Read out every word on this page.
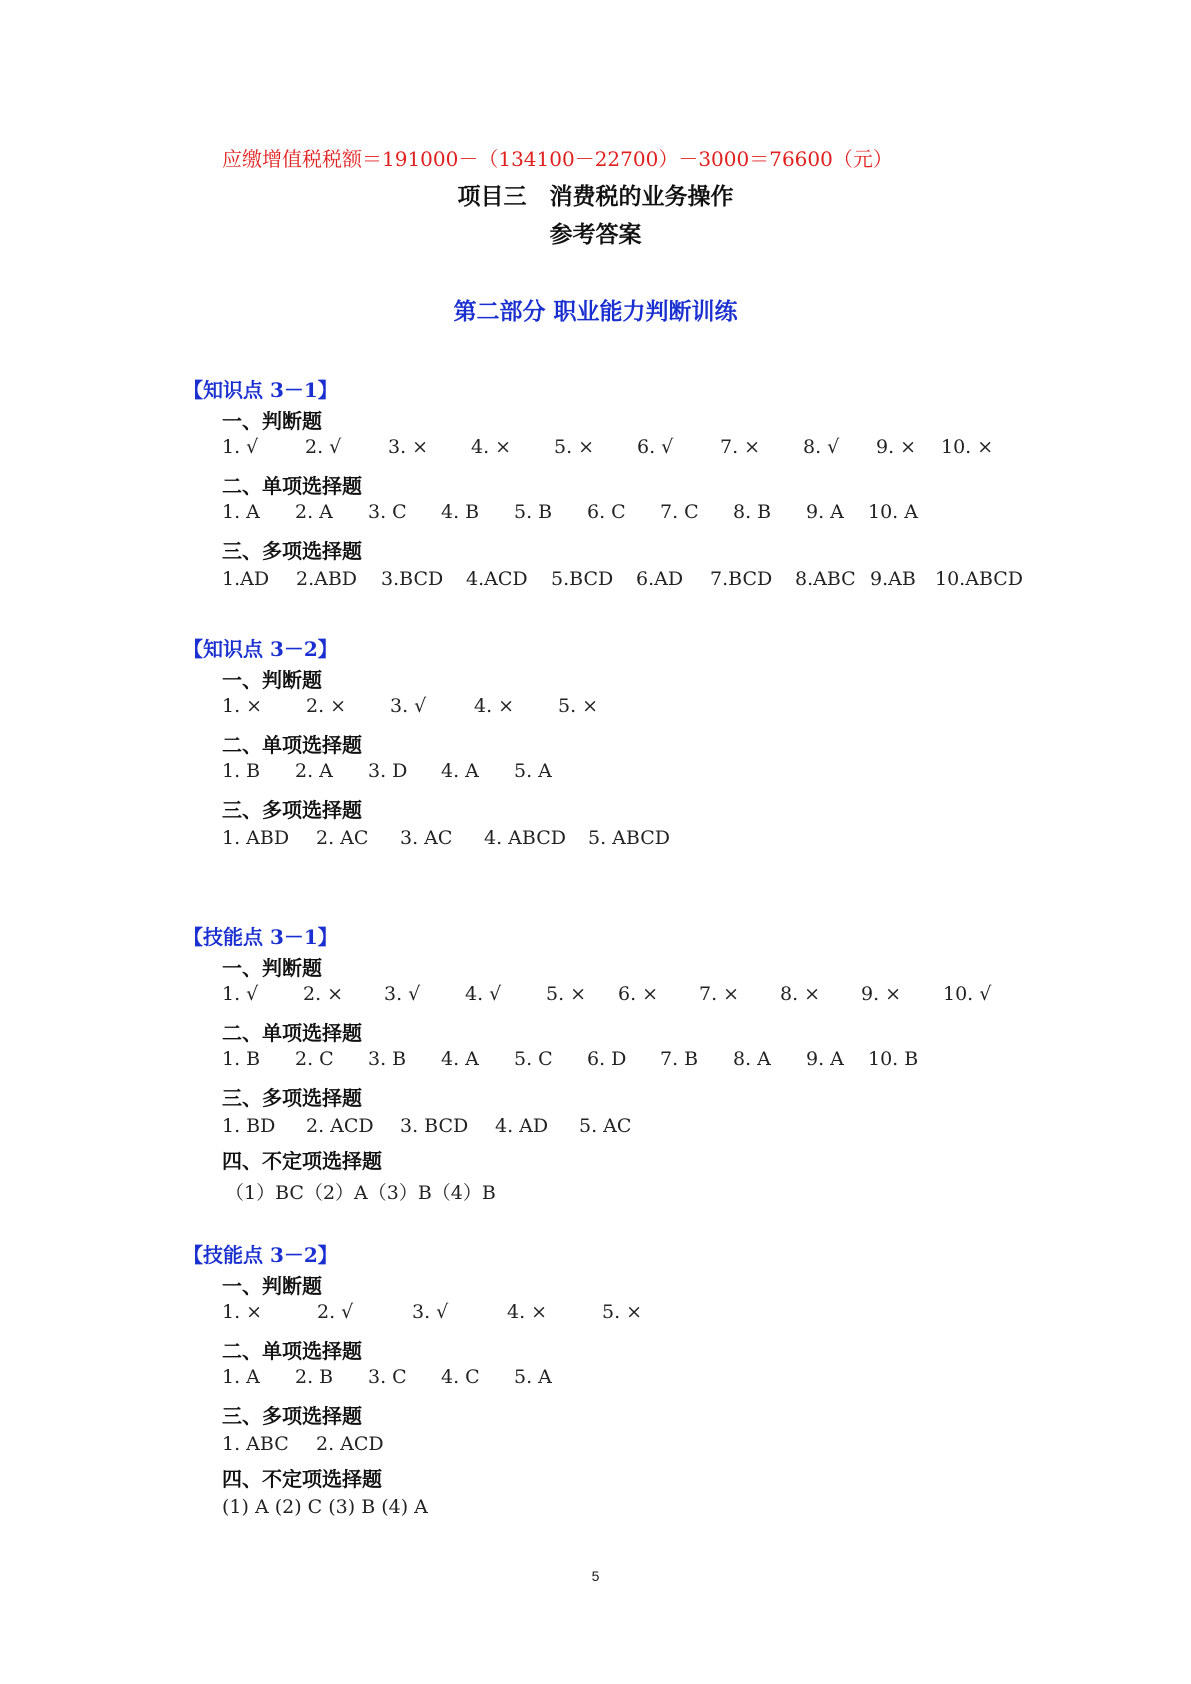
应缴增值税税额＝191000－（134100－22700）－3000＝76600（元）
项目三　消费税的业务操作
参考答案
第二部分 职业能力判断训练
【知识点 3－1】
一、判断题
1. √	2. √	3. ×	4. ×	5. ×	6. √	7. ×	8. √	9. ×	10. ×
二、单项选择题
1. A	2. A	3. C	4. B	5. B	6. C	7. C	8. B	9. A	10. A
三、多项选择题
1.AD	2.ABD	3.BCD	4.ACD	5.BCD	6.AD	7.BCD	8.ABC 9.AB	10.ABCD
【知识点 3－2】
一、判断题
1. ×	2. ×	3. √	4. ×	5. ×
二、单项选择题
1. B	2. A	3. D	4. A	5. A
三、多项选择题
1. ABD	2. AC	3. AC	4. ABCD	5. ABCD
【技能点 3－1】
一、判断题
1. √	2. ×	3. √	4. √	5. ×	6. ×	7. ×	8. ×	9. ×	10. √
二、单项选择题
1. B	2. C	3. B	4. A	5. C	6. D	7. B	8. A	9. A	10. B
三、多项选择题
1. BD	2. ACD	3. BCD	4. AD	5. AC
四、不定项选择题
（1）BC（2）A（3）B（4）B
【技能点 3－2】
一、判断题
1. ×	2. √	3. √	4. ×	5. ×
二、单项选择题
1. A	2. B	3. C	4. C	5. A
三、多项选择题
1. ABC	2. ACD
四、不定项选择题
(1) A (2) C (3) B (4) A
5
